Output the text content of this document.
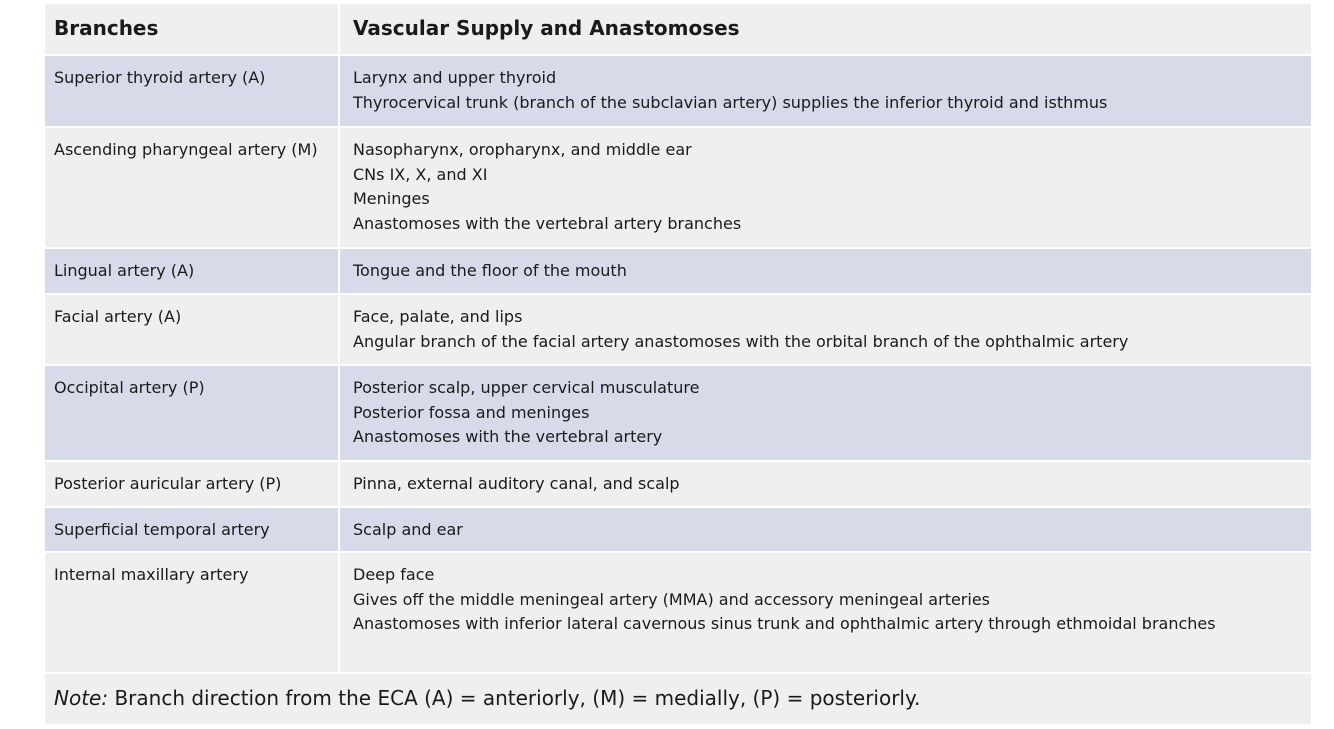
Branches	Vascular Supply and Anastomoses
Superior thyroid artery (A)	Larynx and upper thyroid
Thyrocervical trunk (branch of the subclavian artery) supplies the inferior thyroid and isthmus
Ascending pharyngeal artery (M)	Nasopharynx, oropharynx, and middle ear
CNs IX, X, and XI
Meninges
Anastomoses with the vertebral artery branches
Lingual artery (A)	Tongue and the floor of the mouth
Facial artery (A)	Face, palate, and lips
Angular branch of the facial artery anastomoses with the orbital branch of the ophthalmic artery
Occipital artery (P)	Posterior scalp, upper cervical musculature
Posterior fossa and meninges
Anastomoses with the vertebral artery
Posterior auricular artery (P)	Pinna, external auditory canal, and scalp
Superficial temporal artery	Scalp and ear
Internal maxillary artery	Deep face
Gives off the middle meningeal artery (MMA) and accessory meningeal arteries
Anastomoses with inferior lateral cavernous sinus trunk and ophthalmic artery through ethmoidal branches
Note: Branch direction from the ECA (A) = anteriorly, (M) = medially, (P) = posteriorly.
